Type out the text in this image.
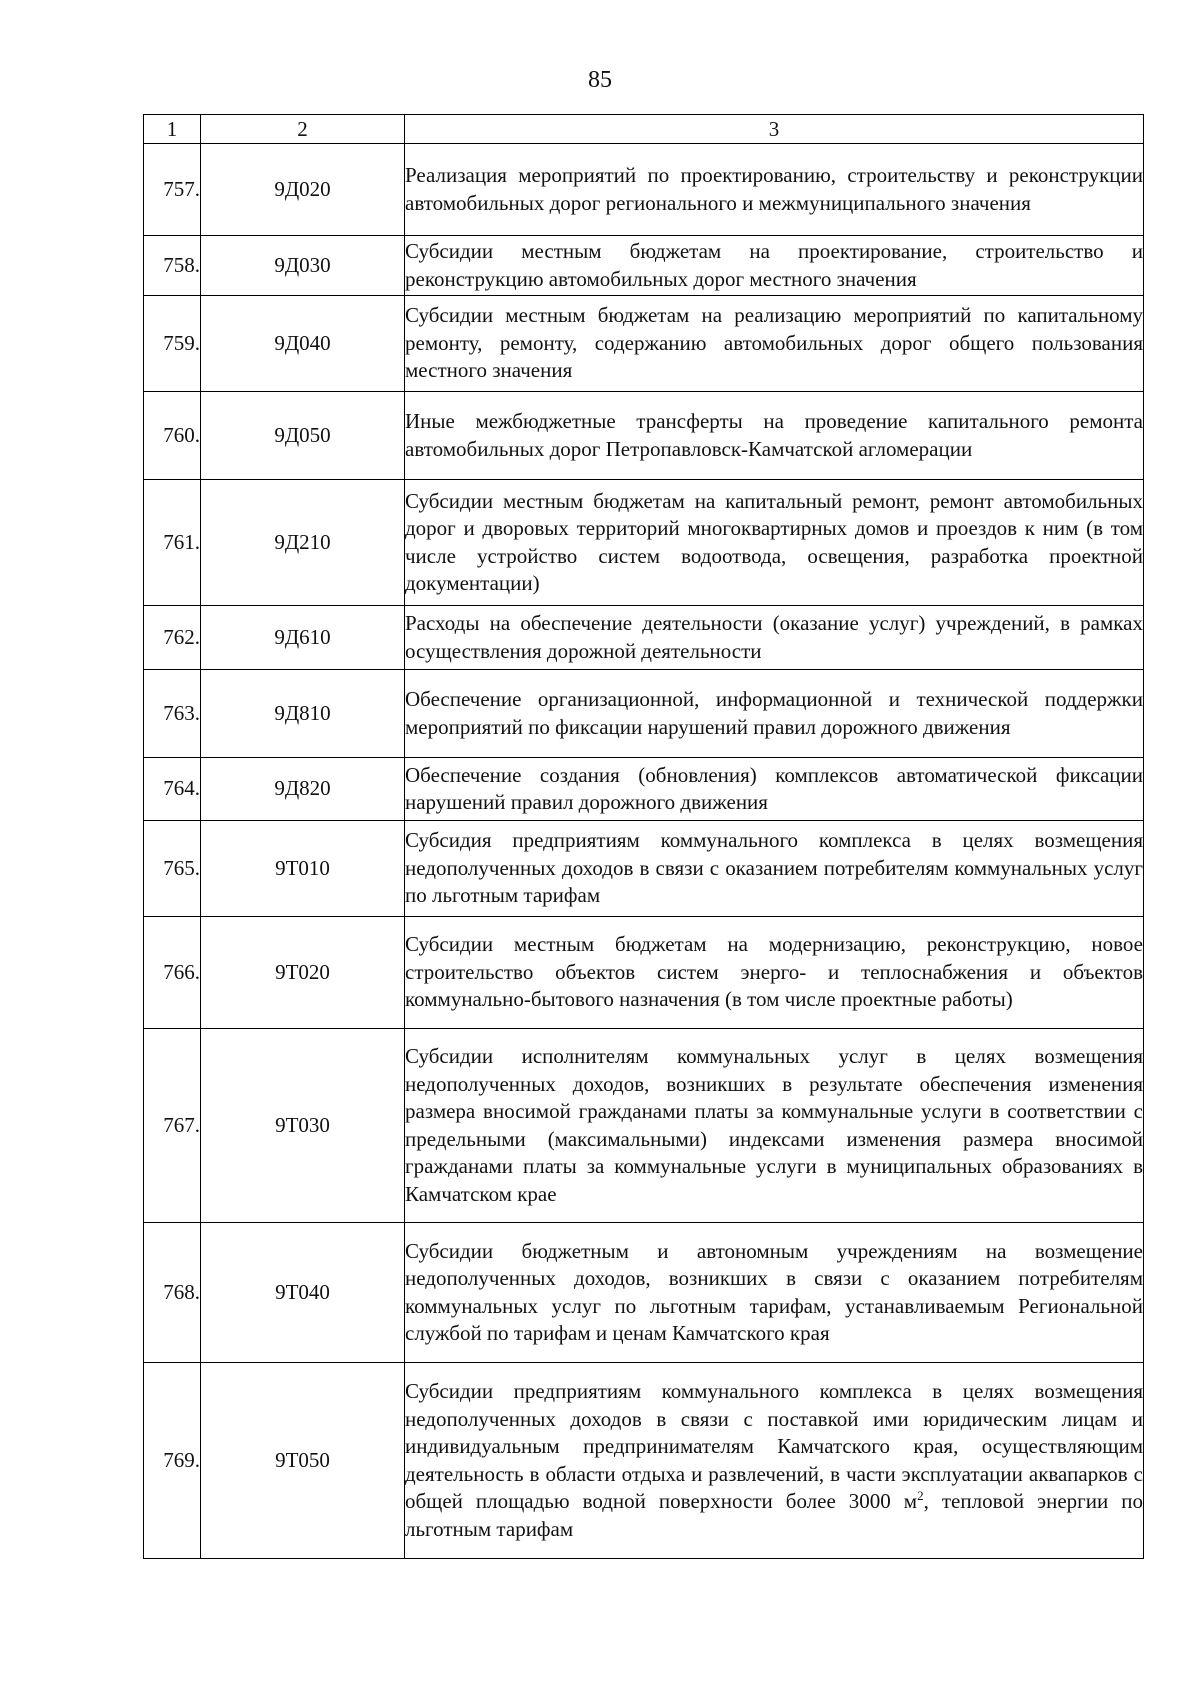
85
1	2	3
757.	9Д020	Реализация мероприятий по проектированию, строительству и реконструкции автомобильных дорог регионального и межмуниципального значения
758.	9Д030	Субсидии местным бюджетам на проектирование, строительство и реконструкцию автомобильных дорог местного значения
759.	9Д040	Субсидии местным бюджетам на реализацию мероприятий по капитальному ремонту, ремонту, содержанию автомобильных дорог общего пользования местного значения
760.	9Д050	Иные межбюджетные трансферты на проведение капитального ремонта автомобильных дорог Петропавловск-Камчатской агломерации
761.	9Д210	Субсидии местным бюджетам на капитальный ремонт, ремонт автомобильных дорог и дворовых территорий многоквартирных домов и проездов к ним (в том числе устройство систем водоотвода, освещения, разработка проектной документации)
762.	9Д610	Расходы на обеспечение деятельности (оказание услуг) учреждений, в рамках осуществления дорожной деятельности
763.	9Д810	Обеспечение организационной, информационной и технической поддержки мероприятий по фиксации нарушений правил дорожного движения
764.	9Д820	Обеспечение создания (обновления) комплексов автоматической фиксации нарушений правил дорожного движения
765.	9Т010	Субсидия предприятиям коммунального комплекса в целях возмещения недополученных доходов в связи с оказанием потребителям коммунальных услуг по льготным тарифам
766.	9Т020	Субсидии местным бюджетам на модернизацию, реконструкцию, новое строительство объектов систем энерго- и теплоснабжения и объектов коммунально-бытового назначения (в том числе проектные работы)
767.	9Т030	Субсидии исполнителям коммунальных услуг в целях возмещения недополученных доходов, возникших в результате обеспечения изменения размера вносимой гражданами платы за коммунальные услуги в соответствии с предельными (максимальными) индексами изменения размера вносимой гражданами платы за коммунальные услуги в муниципальных образованиях в Камчатском крае
768.	9Т040	Субсидии бюджетным и автономным учреждениям на возмещение недополученных доходов, возникших в связи с оказанием потребителям коммунальных услуг по льготным тарифам, устанавливаемым Региональной службой по тарифам и ценам Камчатского края
769.	9Т050	Субсидии предприятиям коммунального комплекса в целях возмещения недополученных доходов в связи с поставкой ими юридическим лицам и индивидуальным предпринимателям Камчатского края, осуществляющим деятельность в области отдыха и развлечений, в части эксплуатации аквапарков с общей площадью водной поверхности более 3000 $м^2$, тепловой энергии по льготным тарифам
